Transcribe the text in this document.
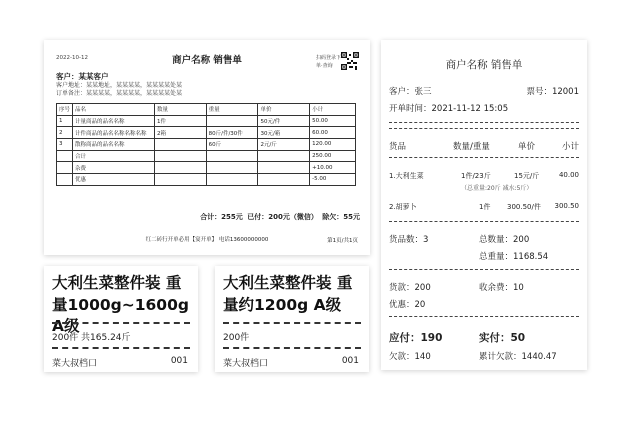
2022-10-12	商户名称 销售单	扫码登录下
单·查询
客户：某某客户
客户地址：某某地址，某某某某，某某某某处某
订单备注：某某某某，某某某某，某某某某处某
序号	品名	数量	重量	单价	小计
1	计量商品的品名名称	1件		50元/件	50.00
2	计件商品的品名名称名称名称	2箱	80斤/件/30件	30元/箱	60.00
3	散称商品的品名名称		60斤	2元/斤	120.00
	合计				250.00
	杂费				+10.00
	优惠				-5.00
合计：255元 已付：200元（微信） 除欠：55元
红二砖行开单必用【宴开单】 电话13600000000	第1页/共1页
大利生菜整件装 重量1000g~1600g A级
200件 共165.24斤
菜大叔档口	001
大利生菜整件装 重量约1200g A级
200件
菜大叔档口	001
商户名称 销售单
客户：张三	票号：12001
开单时间：2021-11-12 15:05
货品	数量/重量	单价	小计
1.大利生菜	1件/23斤	15元/斤	40.00
（总重量:20斤 减水:5斤）
2.胡萝卜	1件 300.50/件 300.50
货品数：3	总数量：200
总重量：1168.54
货款：200	收余费：10
优惠：20
应付：190	实付：50
欠款：140	累计欠款：1440.47
